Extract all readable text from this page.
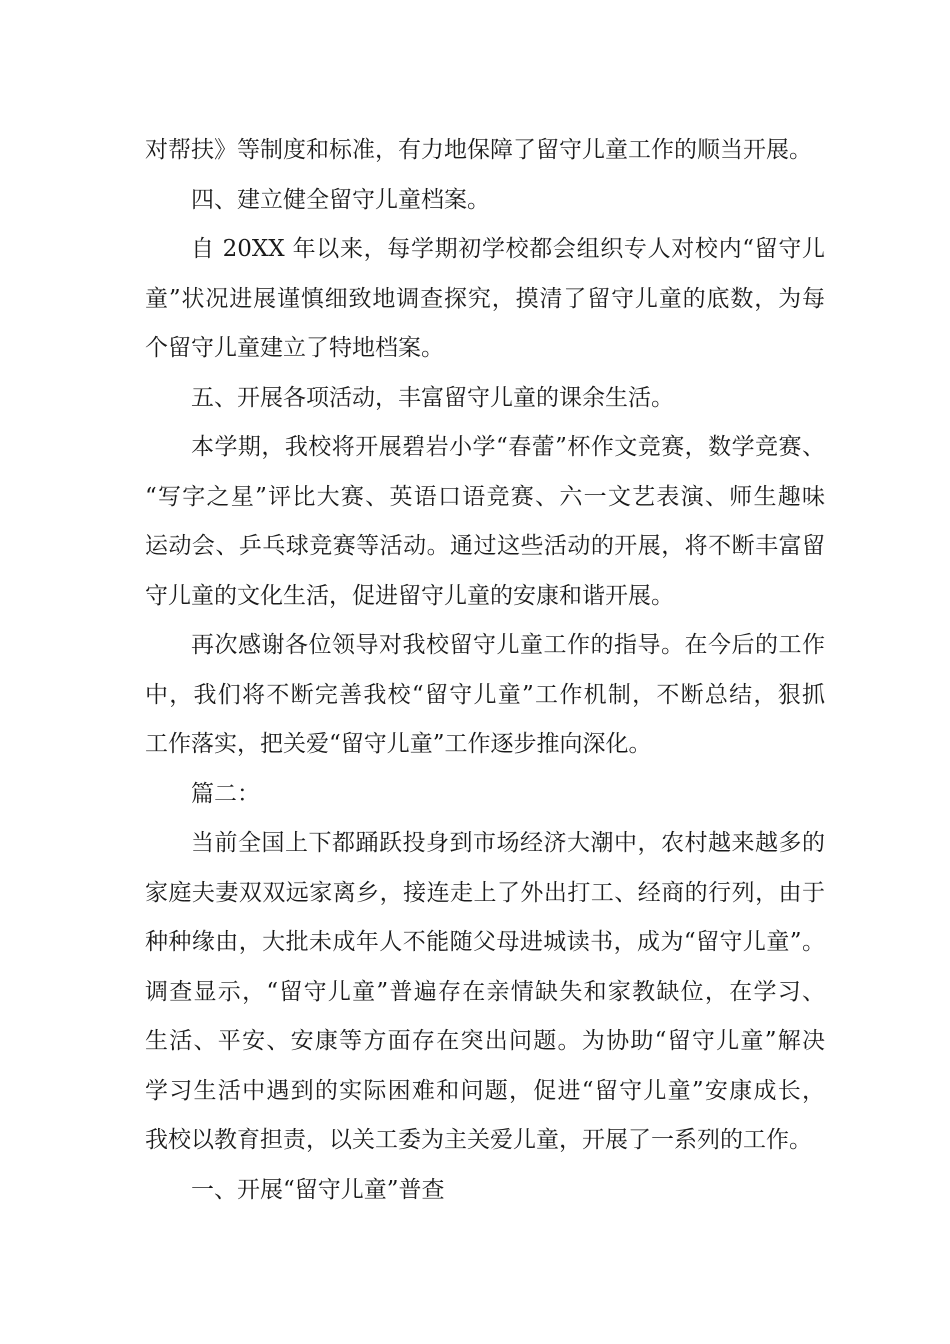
对帮扶》等制度和标准，有力地保障了留守儿童工作的顺当开展。
四、建立健全留守儿童档案。
自 20XX 年以来，每学期初学校都会组织专人对校内“留守儿
童”状况进展谨慎细致地调查探究，摸清了留守儿童的底数，为每
个留守儿童建立了特地档案。
五、开展各项活动，丰富留守儿童的课余生活。
本学期，我校将开展碧岩小学“春蕾”杯作文竞赛，数学竞赛、
“写字之星”评比大赛、英语口语竞赛、六一文艺表演、师生趣味
运动会、乒乓球竞赛等活动。通过这些活动的开展，将不断丰富留
守儿童的文化生活，促进留守儿童的安康和谐开展。
再次感谢各位领导对我校留守儿童工作的指导。在今后的工作
中，我们将不断完善我校“留守儿童”工作机制，不断总结，狠抓
工作落实，把关爱“留守儿童”工作逐步推向深化。
篇二：
当前全国上下都踊跃投身到市场经济大潮中，农村越来越多的
家庭夫妻双双远家离乡，接连走上了外出打工、经商的行列，由于
种种缘由，大批未成年人不能随父母进城读书，成为“留守儿童”。
调查显示，“留守儿童”普遍存在亲情缺失和家教缺位，在学习、
生活、平安、安康等方面存在突出问题。为协助“留守儿童”解决
学习生活中遇到的实际困难和问题，促进“留守儿童”安康成长，
我校以教育担责，以关工委为主关爱儿童，开展了一系列的工作。
一、开展“留守儿童”普查
